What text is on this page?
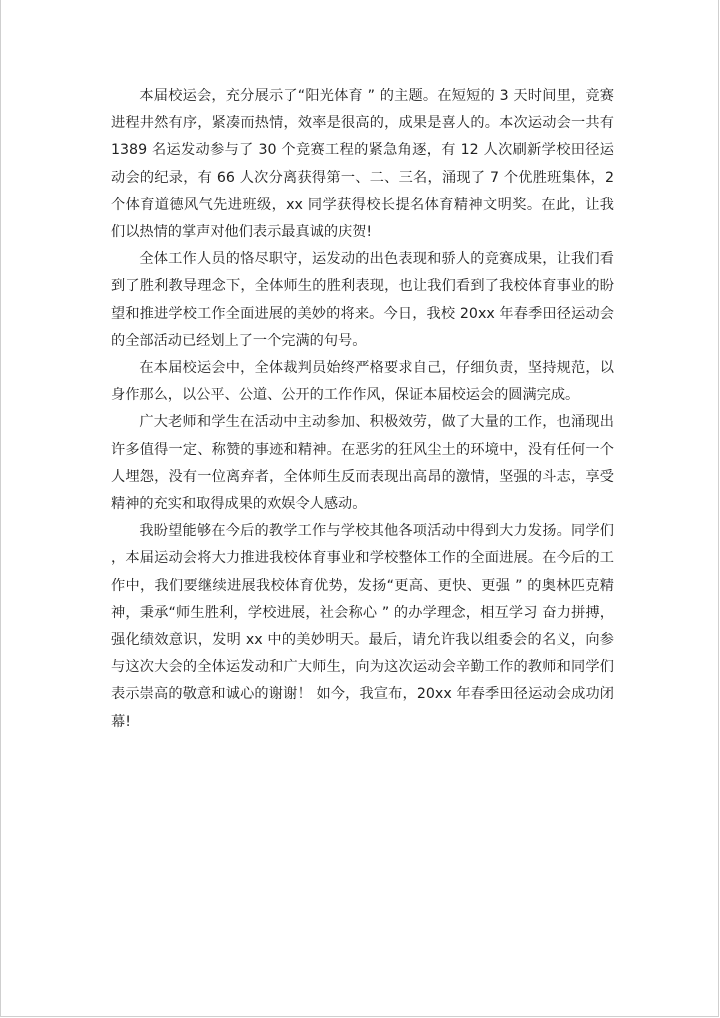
本届校运会，充分展示了“阳光体育 ” 的主题。在短短的 3 天时间里，竞赛进程井然有序，紧凑而热情，效率是很高的，成果是喜人的。本次运动会一共有 1389 名运发动参与了 30 个竞赛工程的紧急角逐，有 12 人次刷新学校田径运动会的纪录，有 66 人次分离获得第一、二、三名，涌现了 7 个优胜班集体，2 个体育道德风气先进班级，xx 同学获得校长提名体育精神文明奖。在此，让我们以热情的掌声对他们表示最真诚的庆贺!

全体工作人员的恪尽职守，运发动的出色表现和骄人的竞赛成果，让我们看到了胜利教导理念下，全体师生的胜利表现，也让我们看到了我校体育事业的盼望和推进学校工作全面进展的美妙的将来。今日，我校 20xx 年春季田径运动会的全部活动已经划上了一个完满的句号。

在本届校运会中，全体裁判员始终严格要求自己，仔细负责，坚持规范，以身作那么，以公平、公道、公开的工作作风，保证本届校运会的圆满完成。

广大老师和学生在活动中主动参加、积极效劳，做了大量的工作，也涌现出许多值得一定、称赞的事迹和精神。在恶劣的狂风尘土的环境中，没有任何一个人埋怨，没有一位离弃者，全体师生反而表现出高昂的激情，坚强的斗志，享受精神的充实和取得成果的欢娱令人感动。

我盼望能够在今后的教学工作与学校其他各项活动中得到大力发扬。同学们，本届运动会将大力推进我校体育事业和学校整体工作的全面进展。在今后的工作中，我们要继续进展我校体育优势，发扬“更高、更快、更强 ” 的奥林匹克精神，秉承“师生胜利，学校进展，社会称心 ” 的办学理念，相互学习 奋力拼搏，强化绩效意识，发明 xx 中的美妙明天。最后，请允许我以组委会的名义，向参与这次大会的全体运发动和广大师生，向为这次运动会辛勤工作的教师和同学们表示崇高的敬意和诚心的谢谢！ 如今，我宣布，20xx 年春季田径运动会成功闭幕!
